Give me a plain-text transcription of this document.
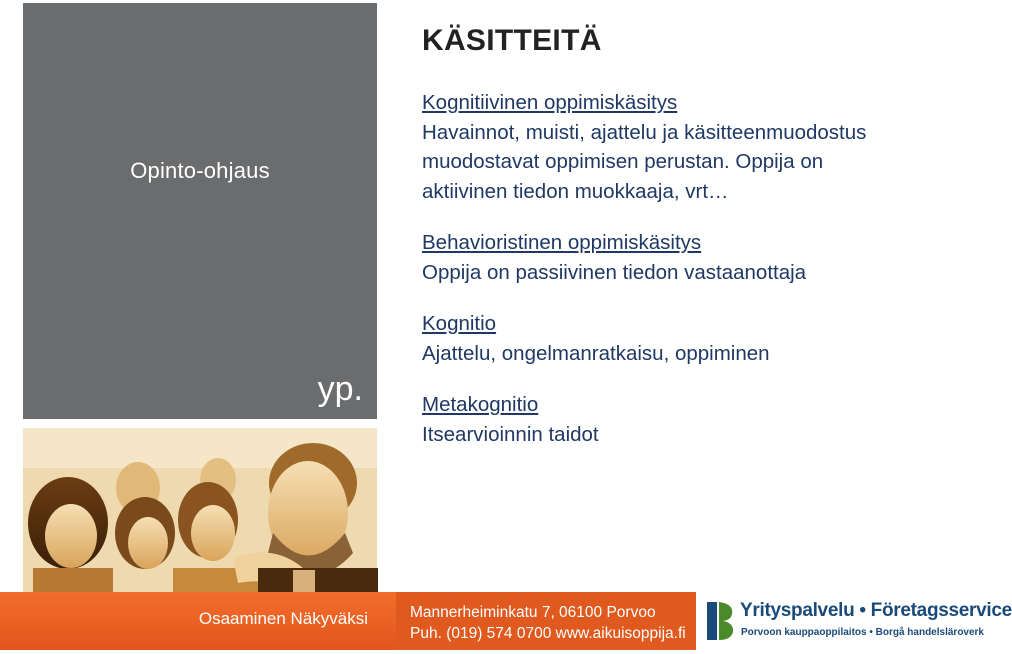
Opinto-ohjaus
yp.
KÄSITTEITÄ
Kognitiivinen oppimiskäsitys
Havainnot, muisti, ajattelu ja käsitteenmuodostus muodostavat oppimisen perustan. Oppija on aktiivinen tiedon muokkaaja, vrt…
Behavioristinen oppimiskäsitys
Oppija on passiivinen tiedon vastaanottaja
Kognitio
Ajattelu, ongelmanratkaisu, oppiminen
Metakognitio
Itsearvioinnin taidot
Osaaminen Näkyväksi	Mannerheiminkatu 7, 06100 Porvoo
Puh. (019) 574 0700 www.aikuisoppija.fi
Yrityspalvelu • Företagsservice
Porvoon kauppaoppilaitos • Borgå handelsläroverk
